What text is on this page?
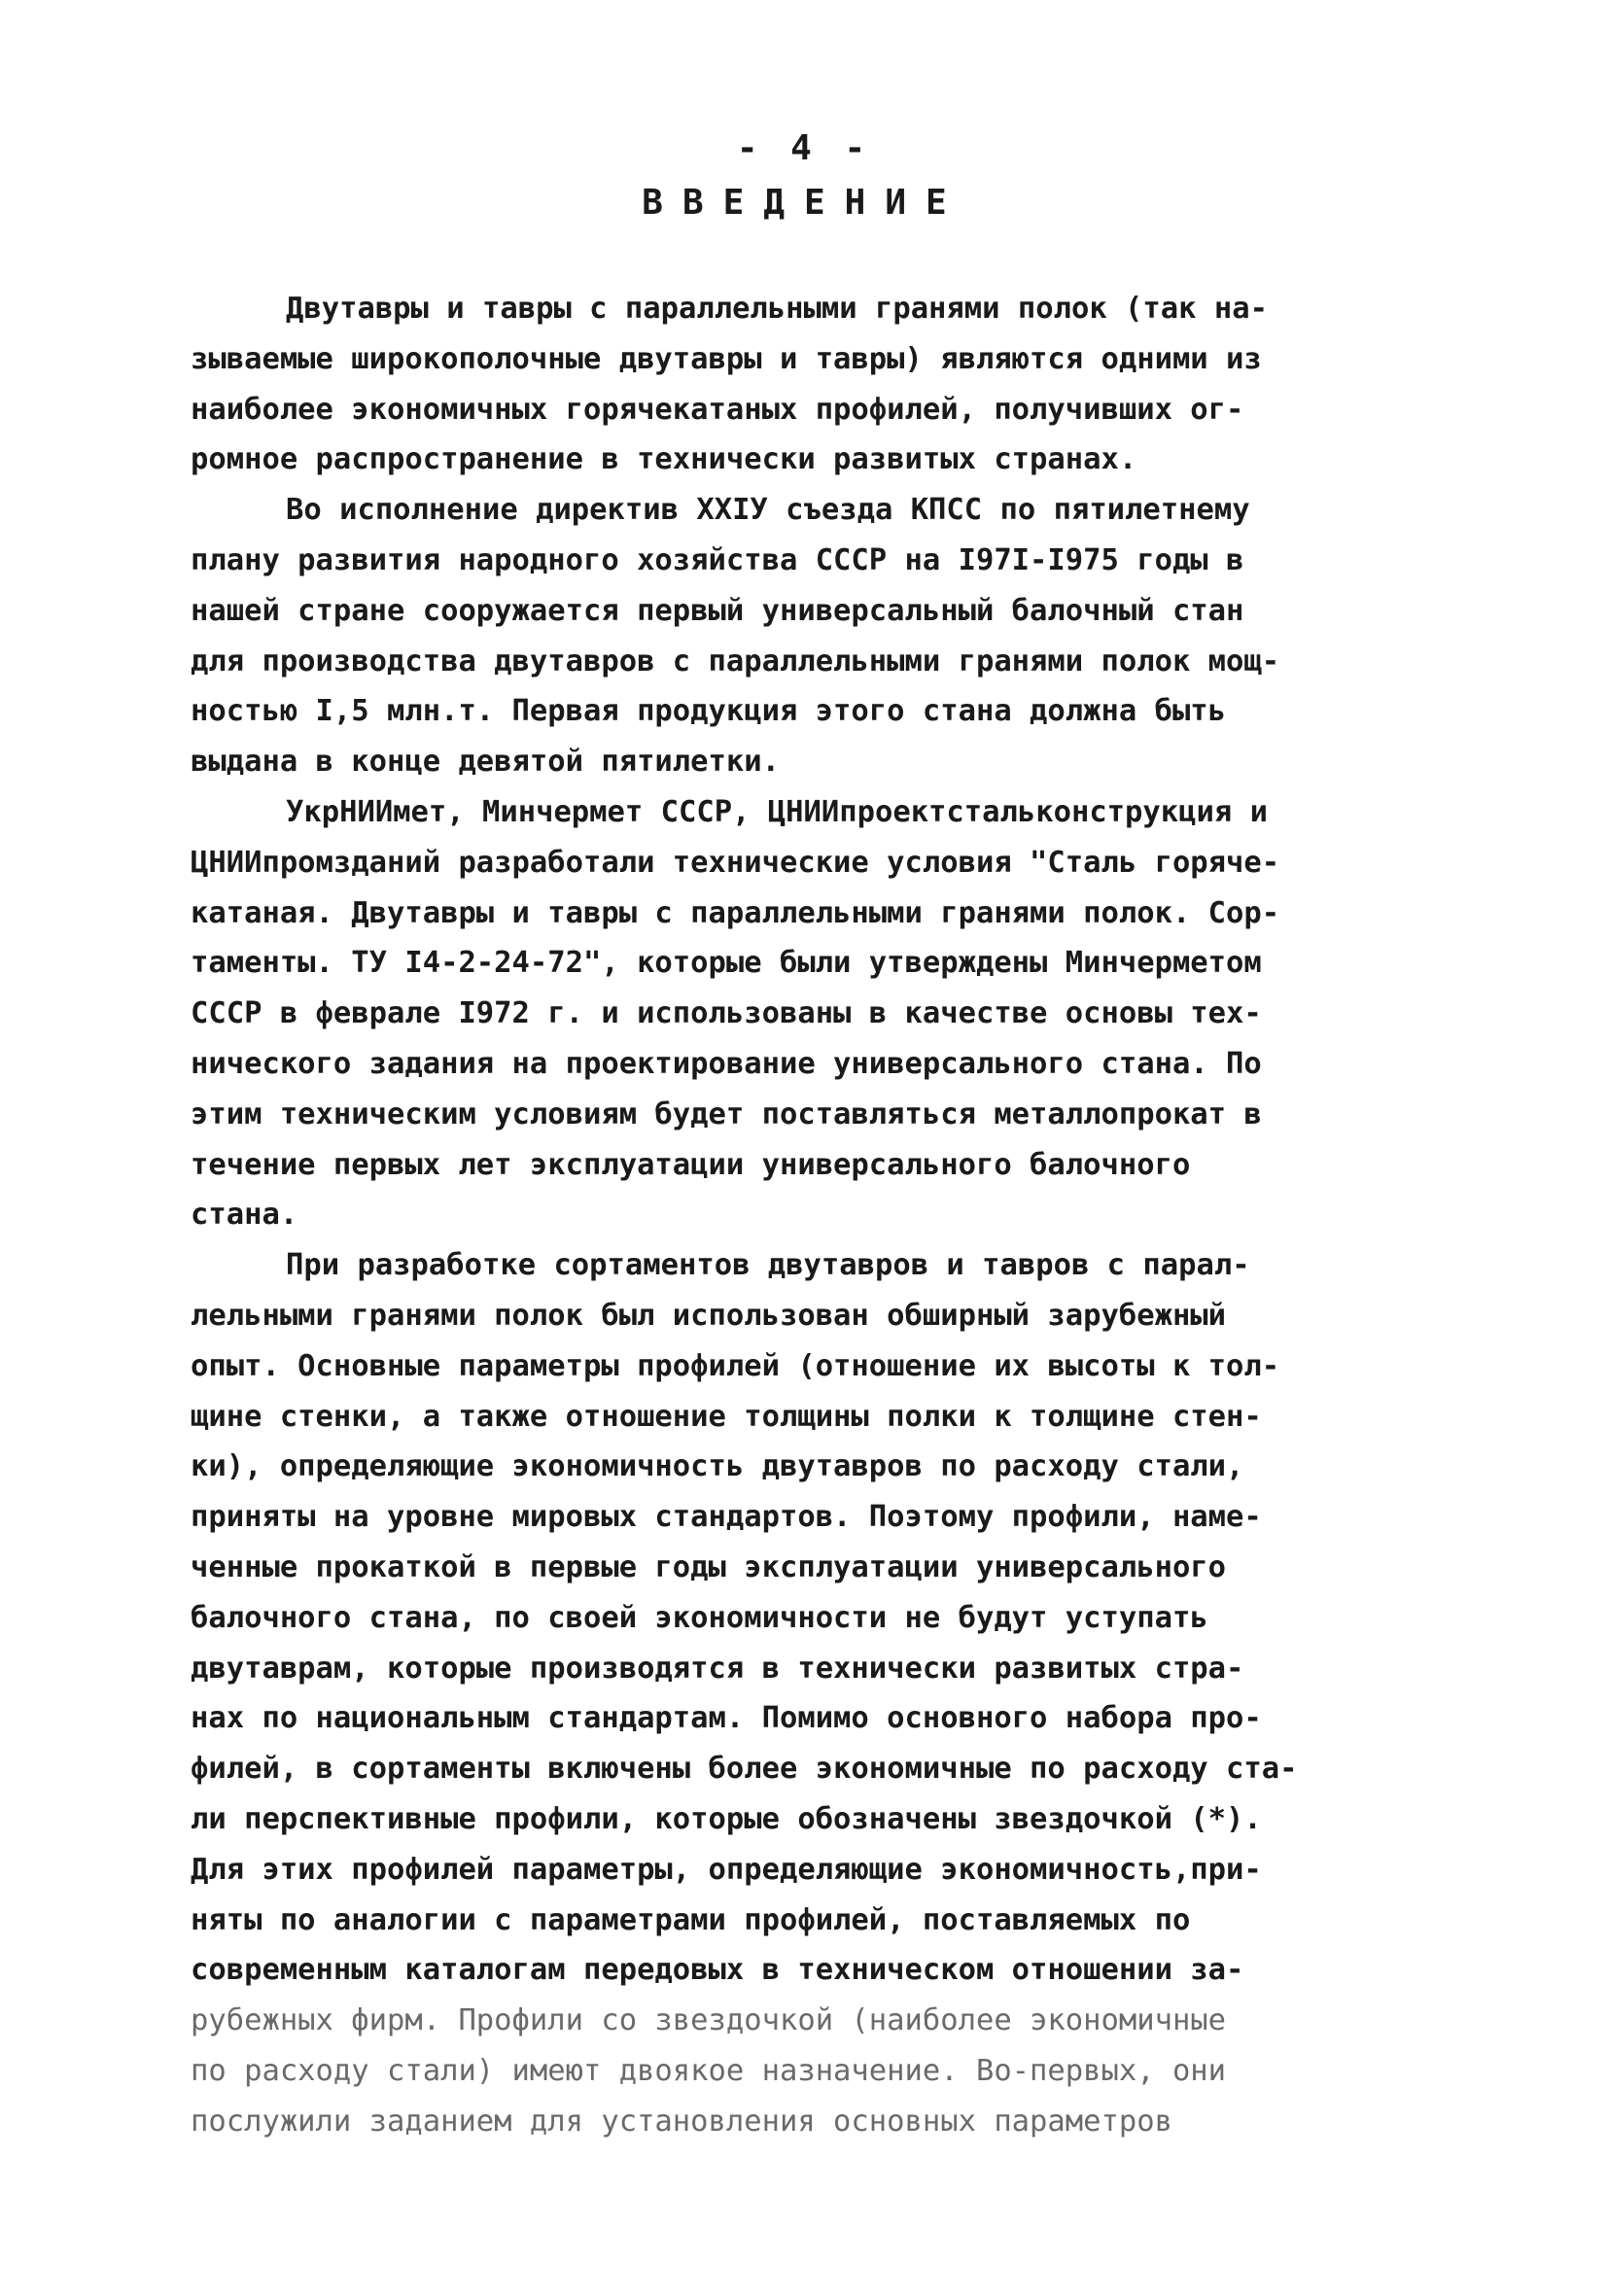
- 4 -
ВВЕДЕНИЕ
Двутавры и тавры с параллельными гранями полок (так на-
зываемые широкополочные двутавры и тавры) являются одними из
наиболее экономичных горячекатаных профилей, получивших ог-
ромное распространение в технически развитых странах.
Во исполнение директив XXIУ съезда КПСС по пятилетнему
плану развития народного хозяйства СССР на I97I-I975 годы в
нашей стране сооружается первый универсальный балочный стан
для производства двутавров с параллельными гранями полок мощ-
ностью I,5 млн.т. Первая продукция этого стана должна быть
выдана в конце девятой пятилетки.
УкрНИИмет, Минчермет СССР, ЦНИИпроектстальконструкция и
ЦНИИпромзданий разработали технические условия "Сталь горяче-
катаная. Двутавры и тавры с параллельными гранями полок. Сор-
таменты. ТУ I4-2-24-72", которые были утверждены Минчерметом
СССР в феврале I972 г. и использованы в качестве основы тех-
нического задания на проектирование универсального стана. По
этим техническим условиям будет поставляться металлопрокат в
течение первых лет эксплуатации универсального балочного
стана.
При разработке сортаментов двутавров и тавров с парал-
лельными гранями полок был использован обширный зарубежный
опыт. Основные параметры профилей (отношение их высоты к тол-
щине стенки, а также отношение толщины полки к толщине стен-
ки), определяющие экономичность двутавров по расходу стали,
приняты на уровне мировых стандартов. Поэтому профили, наме-
ченные прокаткой в первые годы эксплуатации универсального
балочного стана, по своей экономичности не будут уступать
двутаврам, которые производятся в технически развитых стра-
нах по национальным стандартам. Помимо основного набора про-
филей, в сортаменты включены более экономичные по расходу ста-
ли перспективные профили, которые обозначены звездочкой (*).
Для этих профилей параметры, определяющие экономичность,при-
няты по аналогии с параметрами профилей, поставляемых по
современным каталогам передовых в техническом отношении за-
рубежных фирм. Профили со звездочкой (наиболее экономичные
по расходу стали) имеют двоякое назначение. Во-первых, они
послужили заданием для установления основных параметров
